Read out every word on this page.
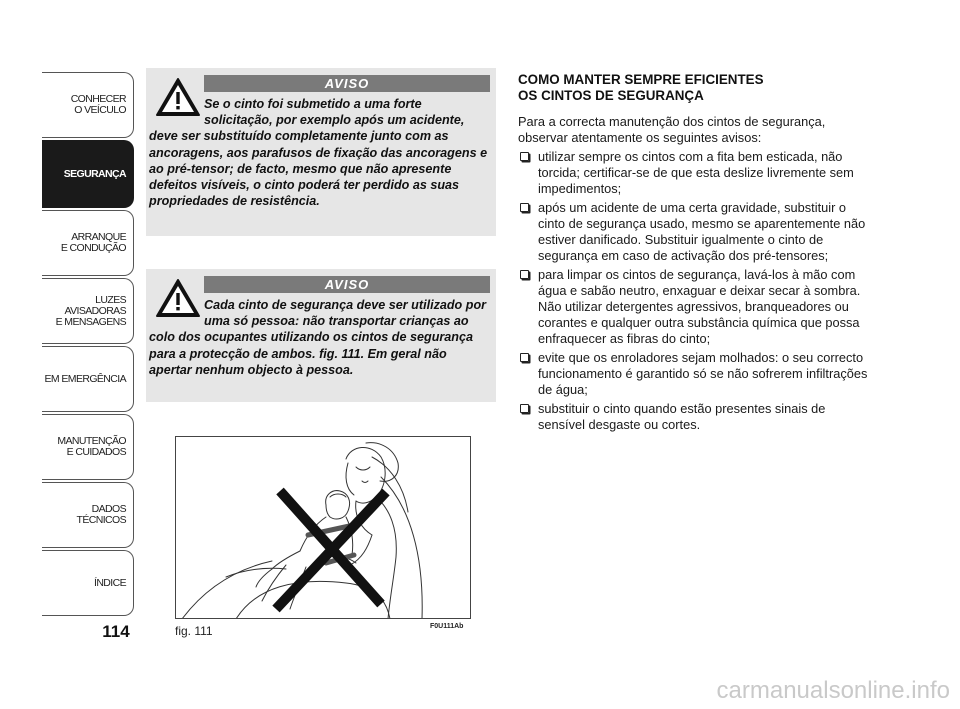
CONHECER
O VEÍCULO
SEGURANÇA
ARRANQUE
E CONDUÇÃO
LUZES
AVISADORAS
E MENSAGENS
EM EMERGÊNCIA
MANUTENÇÃO
E CUIDADOS
DADOS
TÉCNICOS
ÍNDICE
114
AVISO
Se o cinto foi submetido a uma forte solicitação, por exemplo após um acidente, deve ser substituído completamente junto com as ancoragens, aos parafusos de fixação das ancoragens e ao pré-tensor; de facto, mesmo que não apresente defeitos visíveis, o cinto poderá ter perdido as suas propriedades de resistência.
AVISO
Cada cinto de segurança deve ser utilizado por uma só pessoa: não transportar crianças ao colo dos ocupantes utilizando os cintos de segurança para a protecção de ambos. fig. 111. Em geral não apertar nenhum objecto à pessoa.
fig. 111	F0U111Ab
COMO MANTER SEMPRE EFICIENTES
OS CINTOS DE SEGURANÇA
Para a correcta manutenção dos cintos de segurança, observar atentamente os seguintes avisos:
utilizar sempre os cintos com a fita bem esticada, não torcida; certificar-se de que esta deslize livremente sem impedimentos;
após um acidente de uma certa gravidade, substituir o cinto de segurança usado, mesmo se aparentemente não estiver danificado. Substituir igualmente o cinto de segurança em caso de activação dos pré-tensores;
para limpar os cintos de segurança, lavá-los à mão com água e sabão neutro, enxaguar e deixar secar à sombra. Não utilizar detergentes agressivos, branqueadores ou corantes e qualquer outra substância química que possa enfraquecer as fibras do cinto;
evite que os enroladores sejam molhados: o seu correcto funcionamento é garantido só se não sofrerem infiltrações de água;
substituir o cinto quando estão presentes sinais de sensível desgaste ou cortes.
carmanualsonline.info
